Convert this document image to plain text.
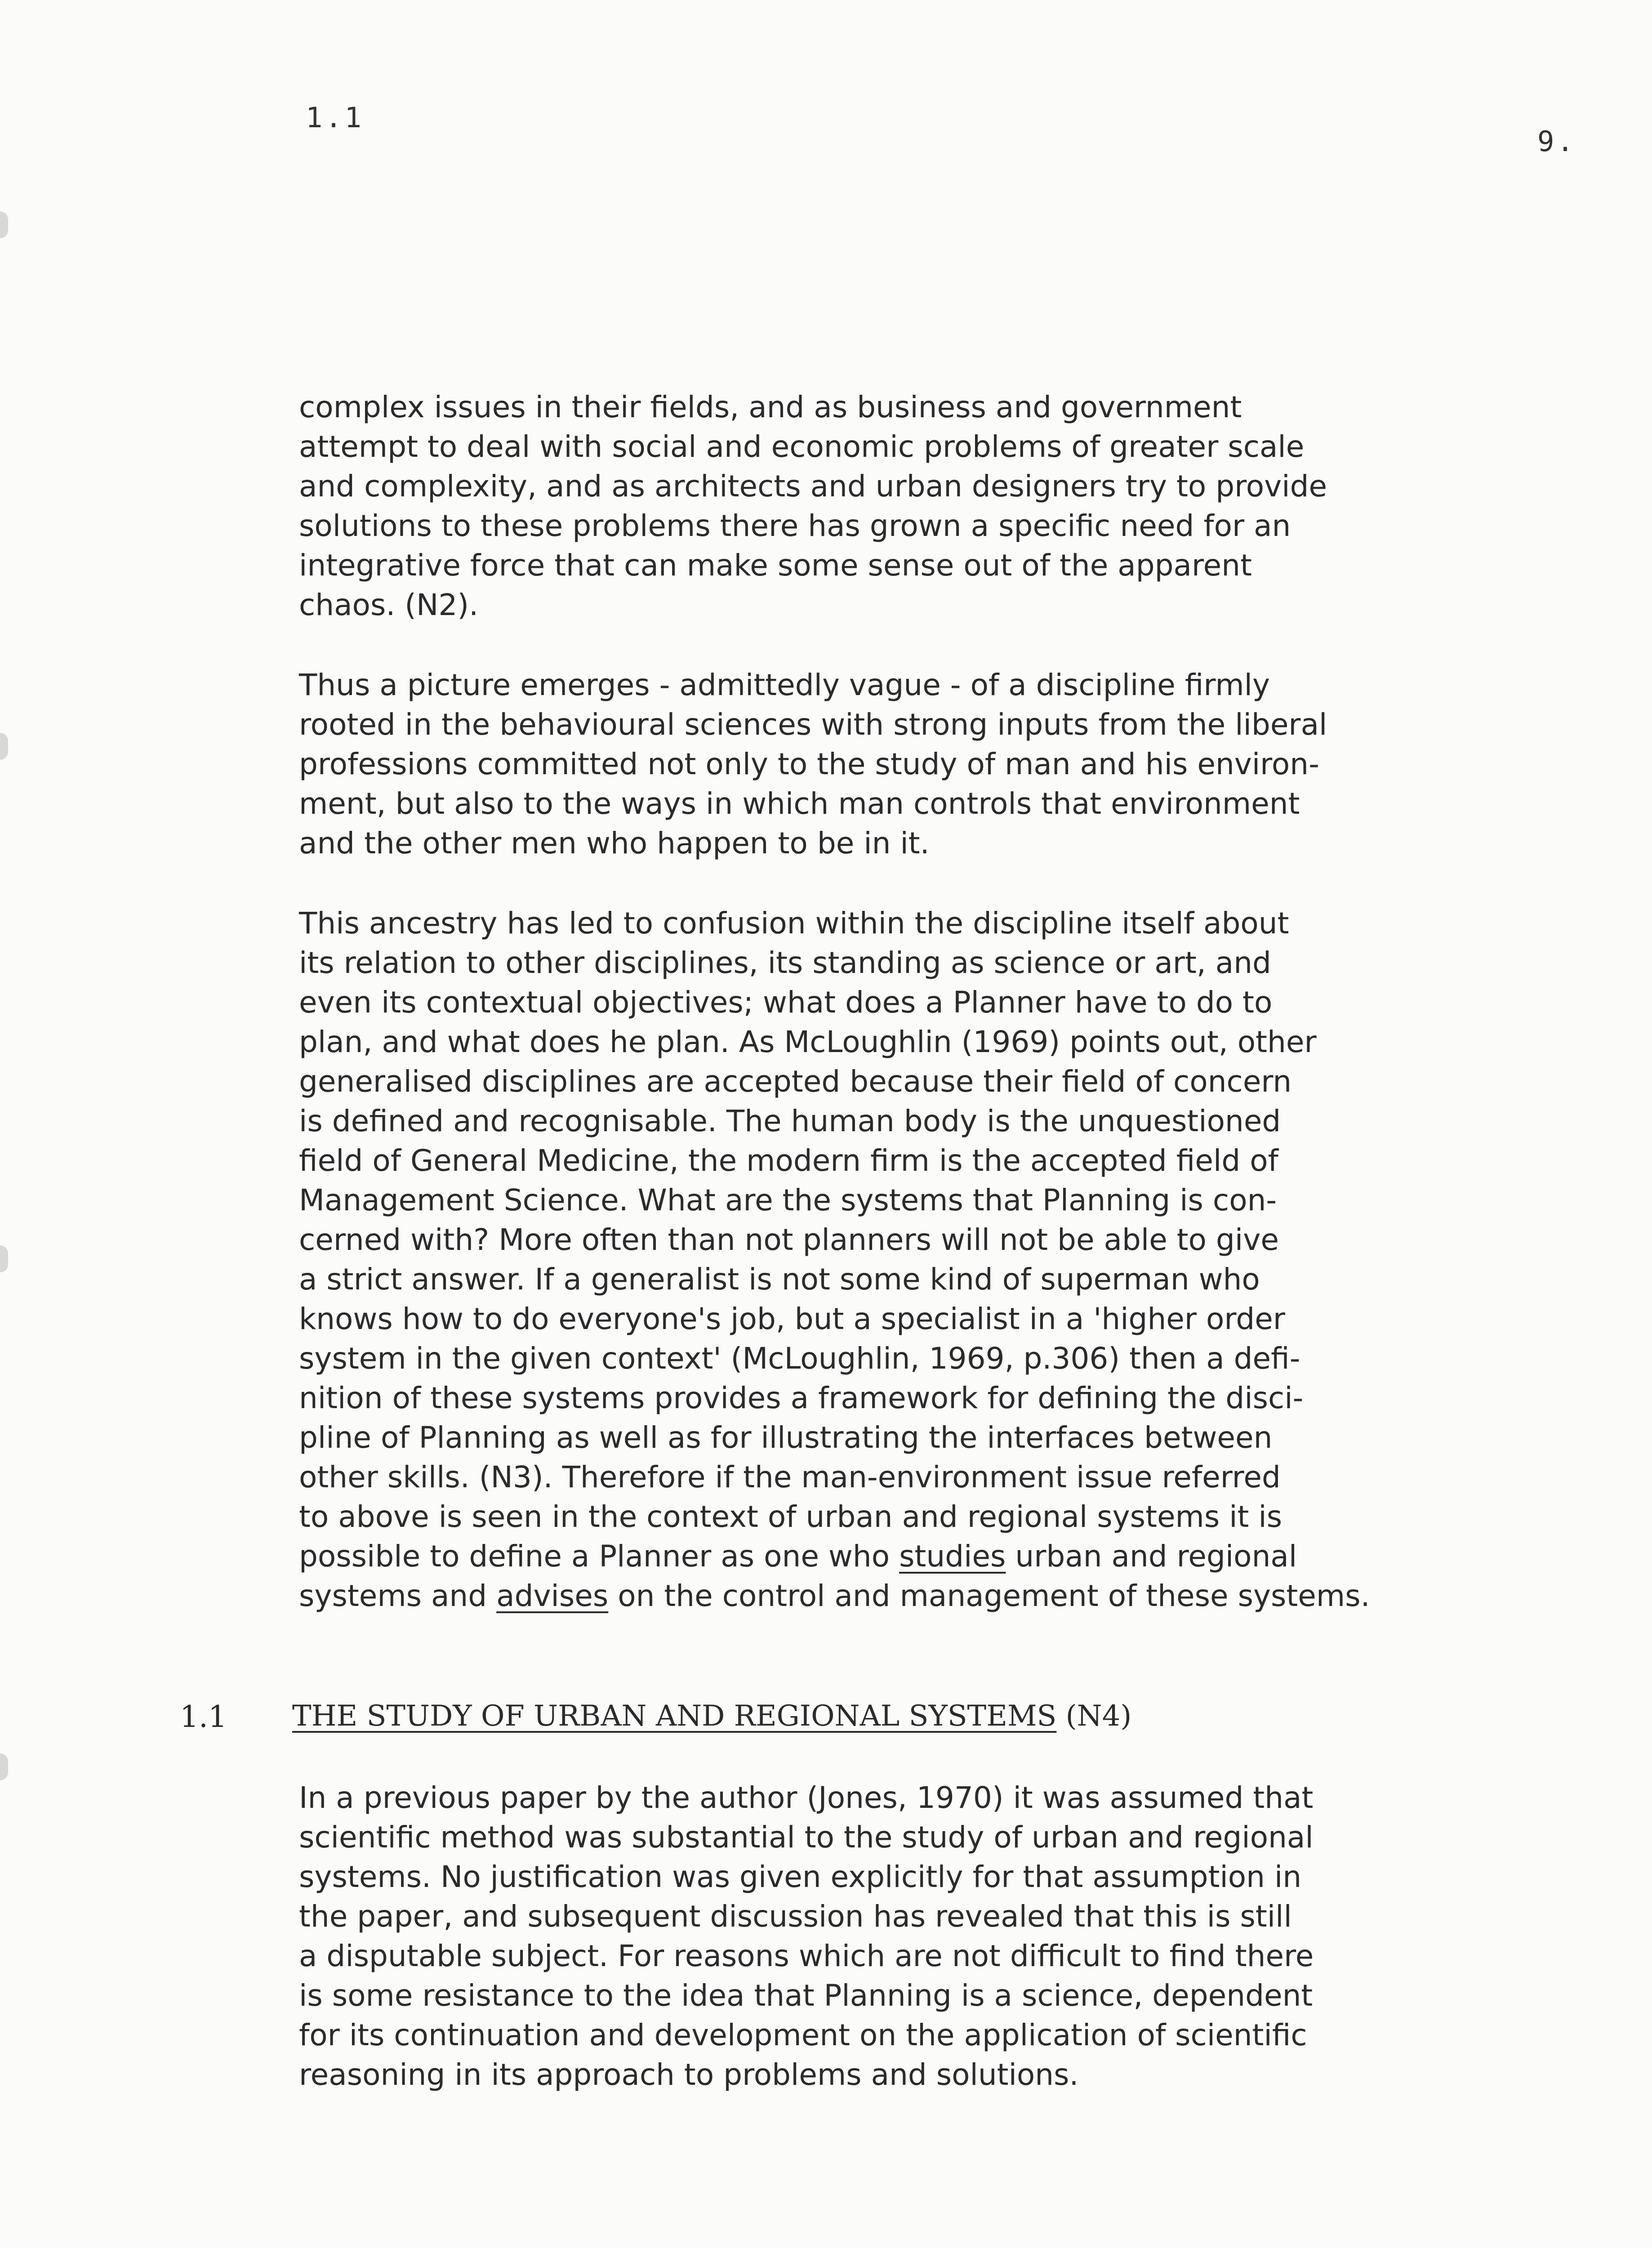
1.1
9.

complex issues in their fields, and as business and government
attempt to deal with social and economic problems of greater scale
and complexity, and as architects and urban designers try to provide
solutions to these problems there has grown a specific need for an
integrative force that can make some sense out of the apparent
chaos. (N2).

Thus a picture emerges - admittedly vague - of a discipline firmly
rooted in the behavioural sciences with strong inputs from the liberal
professions committed not only to the study of man and his environ-
ment, but also to the ways in which man controls that environment
and the other men who happen to be in it.

This ancestry has led to confusion within the discipline itself about
its relation to other disciplines, its standing as science or art, and
even its contextual objectives; what does a Planner have to do to
plan, and what does he plan. As McLoughlin (1969) points out, other
generalised disciplines are accepted because their field of concern
is defined and recognisable. The human body is the unquestioned
field of General Medicine, the modern firm is the accepted field of
Management Science. What are the systems that Planning is con-
cerned with? More often than not planners will not be able to give
a strict answer. If a generalist is not some kind of superman who
knows how to do everyone's job, but a specialist in a 'higher order
system in the given context' (McLoughlin, 1969, p.306) then a defi-
nition of these systems provides a framework for defining the disci-
pline of Planning as well as for illustrating the interfaces between
other skills. (N3). Therefore if the man-environment issue referred
to above is seen in the context of urban and regional systems it is
possible to define a Planner as one who studies urban and regional
systems and advises on the control and management of these systems.

1.1 THE STUDY OF URBAN AND REGIONAL SYSTEMS (N4)

In a previous paper by the author (Jones, 1970) it was assumed that
scientific method was substantial to the study of urban and regional
systems. No justification was given explicitly for that assumption in
the paper, and subsequent discussion has revealed that this is still
a disputable subject. For reasons which are not difficult to find there
is some resistance to the idea that Planning is a science, dependent
for its continuation and development on the application of scientific
reasoning in its approach to problems and solutions.
